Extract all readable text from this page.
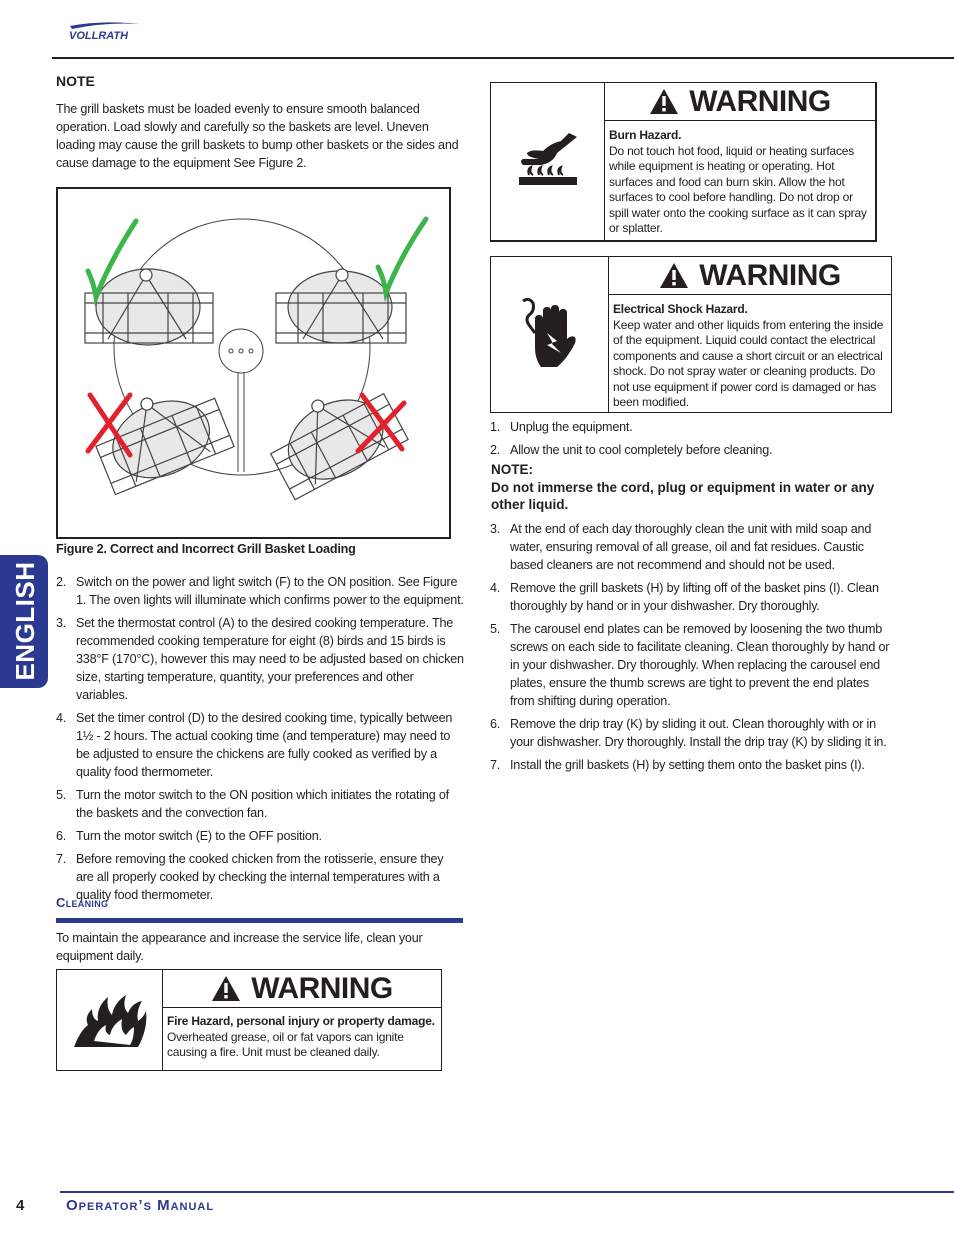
VOLLRATH
NOTE
The grill baskets must be loaded evenly to ensure smooth balanced operation. Load slowly and carefully so the baskets are level. Uneven loading may cause the grill baskets to bump other baskets or the sides and cause damage to the equipment See Figure 2.
Figure 2. Correct and Incorrect Grill Basket Loading
2. Switch on the power and light switch (F) to the ON position. See Figure 1. The oven lights will illuminate which confirms power to the equipment.
3. Set the thermostat control (A) to the desired cooking temperature. The recommended cooking temperature for eight (8) birds and 15 birds is 338°F (170°C), however this may need to be adjusted based on chicken size, starting temperature, quantity, your preferences and other variables.
4. Set the timer control (D) to the desired cooking time, typically between 1½ - 2 hours. The actual cooking time (and temperature) may need to be adjusted to ensure the chickens are fully cooked as verified by a quality food thermometer.
5. Turn the motor switch to the ON position which initiates the rotating of the baskets and the convection fan.
6. Turn the motor switch (E) to the OFF position.
7. Before removing the cooked chicken from the rotisserie, ensure they are all properly cooked by checking the internal temperatures with a quality food thermometer.
Cleaning
To maintain the appearance and increase the service life, clean your equipment daily.
WARNING
Fire Hazard, personal injury or property damage.
Overheated grease, oil or fat vapors can ignite causing a fire. Unit must be cleaned daily.
WARNING
Burn Hazard.
Do not touch hot food, liquid or heating surfaces while equipment is heating or operating. Hot surfaces and food can burn skin. Allow the hot surfaces to cool before handling. Do not drop or spill water onto the cooking surface as it can spray or splatter.
WARNING
Electrical Shock Hazard.
Keep water and other liquids from entering the inside of the equipment. Liquid could contact the electrical components and cause a short circuit or an electrical shock. Do not spray water or cleaning products. Do not use equipment if power cord is damaged or has been modified.
1. Unplug the equipment.
2. Allow the unit to cool completely before cleaning.
NOTE:
Do not immerse the cord, plug or equipment in water or any other liquid.
3. At the end of each day thoroughly clean the unit with mild soap and water, ensuring removal of all grease, oil and fat residues. Caustic based cleaners are not recommend and should not be used.
4. Remove the grill baskets (H) by lifting off of the basket pins (I). Clean thoroughly by hand or in your dishwasher. Dry thoroughly.
5. The carousel end plates can be removed by loosening the two thumb screws on each side to facilitate cleaning. Clean thoroughly by hand or in your dishwasher. Dry thoroughly. When replacing the carousel end plates, ensure the thumb screws are tight to prevent the end plates from shifting during operation.
6. Remove the drip tray (K) by sliding it out. Clean thoroughly with or in your dishwasher. Dry thoroughly. Install the drip tray (K) by sliding it in.
7. Install the grill baskets (H) by setting them onto the basket pins (I).
ENGLISH
4	Operator’s Manual
